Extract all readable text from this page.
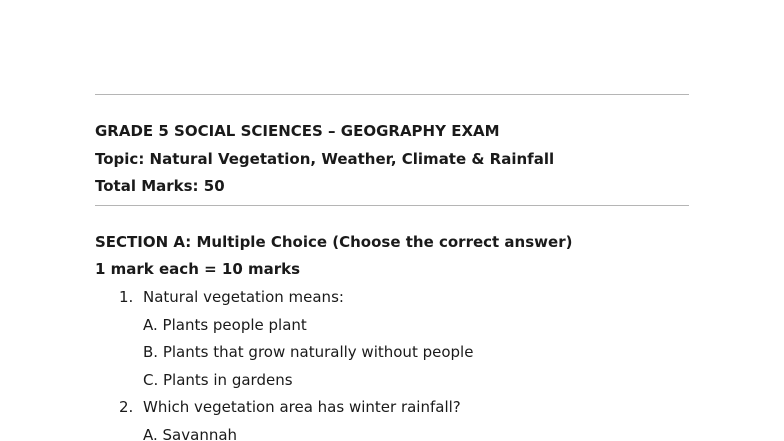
GRADE 5 SOCIAL SCIENCES – GEOGRAPHY EXAM
Topic: Natural Vegetation, Weather, Climate & Rainfall
Total Marks: 50
SECTION A: Multiple Choice (Choose the correct answer)
1 mark each = 10 marks
1. Natural vegetation means:
A. Plants people plant
B. Plants that grow naturally without people
C. Plants in gardens
2. Which vegetation area has winter rainfall?
A. Savannah
